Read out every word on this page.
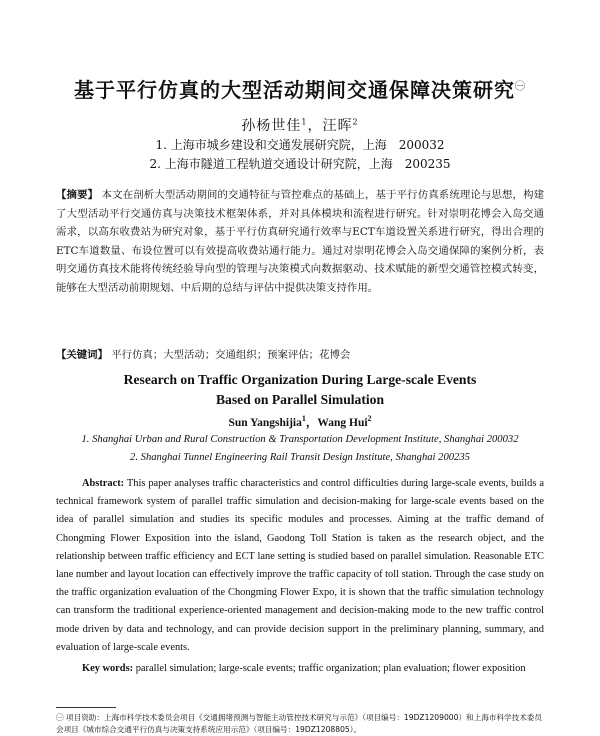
基于平行仿真的大型活动期间交通保障决策研究$^㊀$
孙杨世佳$^1$，汪晖$^2$
1. 上海市城乡建设和交通发展研究院，上海　200032
2. 上海市隧道工程轨道交通设计研究院，上海　200235
【摘要】 本文在剖析大型活动期间的交通特征与管控难点的基础上，基于平行仿真系统理论与思想，构建了大型活动平行交通仿真与决策技术框架体系，并对具体模块和流程进行研究。针对崇明花博会入岛交通需求，以高东收费站为研究对象，基于平行仿真研究通行效率与ECT车道设置关系进行研究，得出合理的ETC车道数量、布设位置可以有效提高收费站通行能力。通过对崇明花博会入岛交通保障的案例分析，表明交通仿真技术能将传统经验导向型的管理与决策模式向数据驱动、技术赋能的新型交通管控模式转变，能够在大型活动前期规划、中后期的总结与评估中提供决策支持作用。
【关键词】 平行仿真；大型活动；交通组织；预案评估；花博会
Research on Traffic Organization During Large-scale Events
Based on Parallel Simulation
Sun Yangshijia$^1$，Wang Hui$^2$
1. Shanghai Urban and Rural Construction & Transportation Development Institute, Shanghai 200032
2. Shanghai Tunnel Engineering Rail Transit Design Institute, Shanghai 200235
Abstract: This paper analyses traffic characteristics and control difficulties during large-scale events, builds a technical framework system of parallel traffic simulation and decision-making for large-scale events based on the idea of parallel simulation and studies its specific modules and processes. Aiming at the traffic demand of Chongming Flower Exposition into the island, Gaodong Toll Station is taken as the research object, and the relationship between traffic efficiency and ECT lane setting is studied based on parallel simulation. Reasonable ETC lane number and layout location can effectively improve the traffic capacity of toll station. Through the case study on the traffic organization evaluation of the Chongming Flower Expo, it is shown that the traffic simulation technology can transform the traditional experience-oriented management and decision-making mode to the new traffic control mode driven by data and technology, and can provide decision support in the preliminary planning, summary, and evaluation of large-scale events.
Key words: parallel simulation; large-scale events; traffic organization; plan evaluation; flower exposition
㊀ 项目资助：上海市科学技术委员会项目《交通拥堵预测与智能主动管控技术研究与示范》（项目编号：19DZ1209000）和上海市科学技术委员会项目《城市综合交通平行仿真与决策支持系统应用示范》（项目编号：19DZ1208805）。
